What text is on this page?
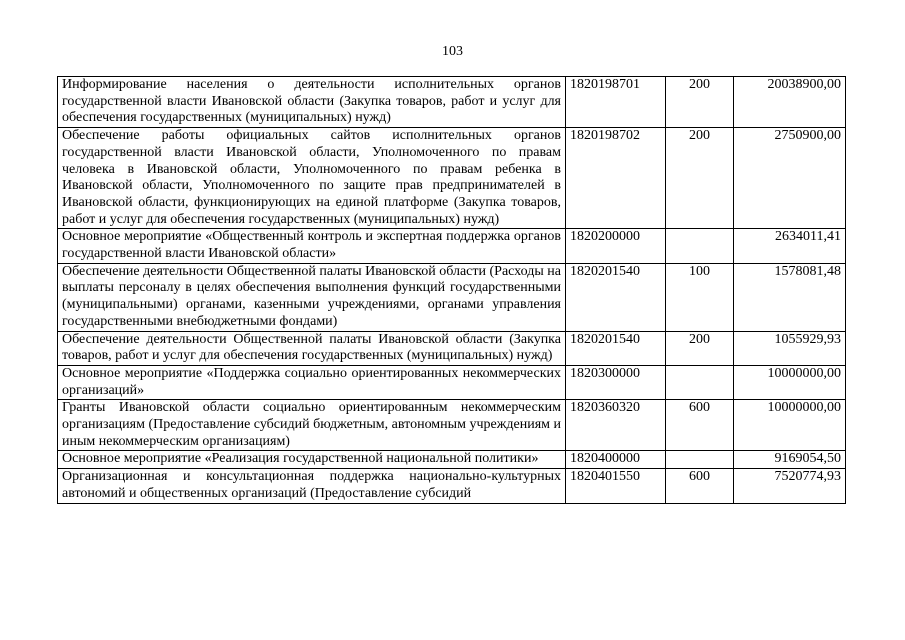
103
Информирование населения о деятельности исполнительных органов государственной власти Ивановской области (Закупка товаров, работ и услуг для обеспечения государственных (муниципальных) нужд)	1820198701	200	20038900,00
Обеспечение работы официальных сайтов исполнительных органов государственной власти Ивановской области, Уполномоченного по правам человека в Ивановской области, Уполномоченного по правам ребенка в Ивановской области, Уполномоченного по защите прав предпринимателей в Ивановской области, функционирующих на единой платформе (Закупка товаров, работ и услуг для обеспечения государственных (муниципальных) нужд)	1820198702	200	2750900,00
Основное мероприятие «Общественный контроль и экспертная поддержка органов государственной власти Ивановской области»	1820200000		2634011,41
Обеспечение деятельности Общественной палаты Ивановской области (Расходы на выплаты персоналу в целях обеспечения выполнения функций государственными (муниципальными) органами, казенными учреждениями, органами управления государственными внебюджетными фондами)	1820201540	100	1578081,48
Обеспечение деятельности Общественной палаты Ивановской области (Закупка товаров, работ и услуг для обеспечения государственных (муниципальных) нужд)	1820201540	200	1055929,93
Основное мероприятие «Поддержка социально ориентированных некоммерческих организаций»	1820300000		10000000,00
Гранты Ивановской области социально ориентированным некоммерческим организациям (Предоставление субсидий бюджетным, автономным учреждениям и иным некоммерческим организациям)	1820360320	600	10000000,00
Основное мероприятие «Реализация государственной национальной политики»	1820400000		9169054,50
Организационная и консультационная поддержка национально-культурных автономий и общественных организаций (Предоставление субсидий	1820401550	600	7520774,93
